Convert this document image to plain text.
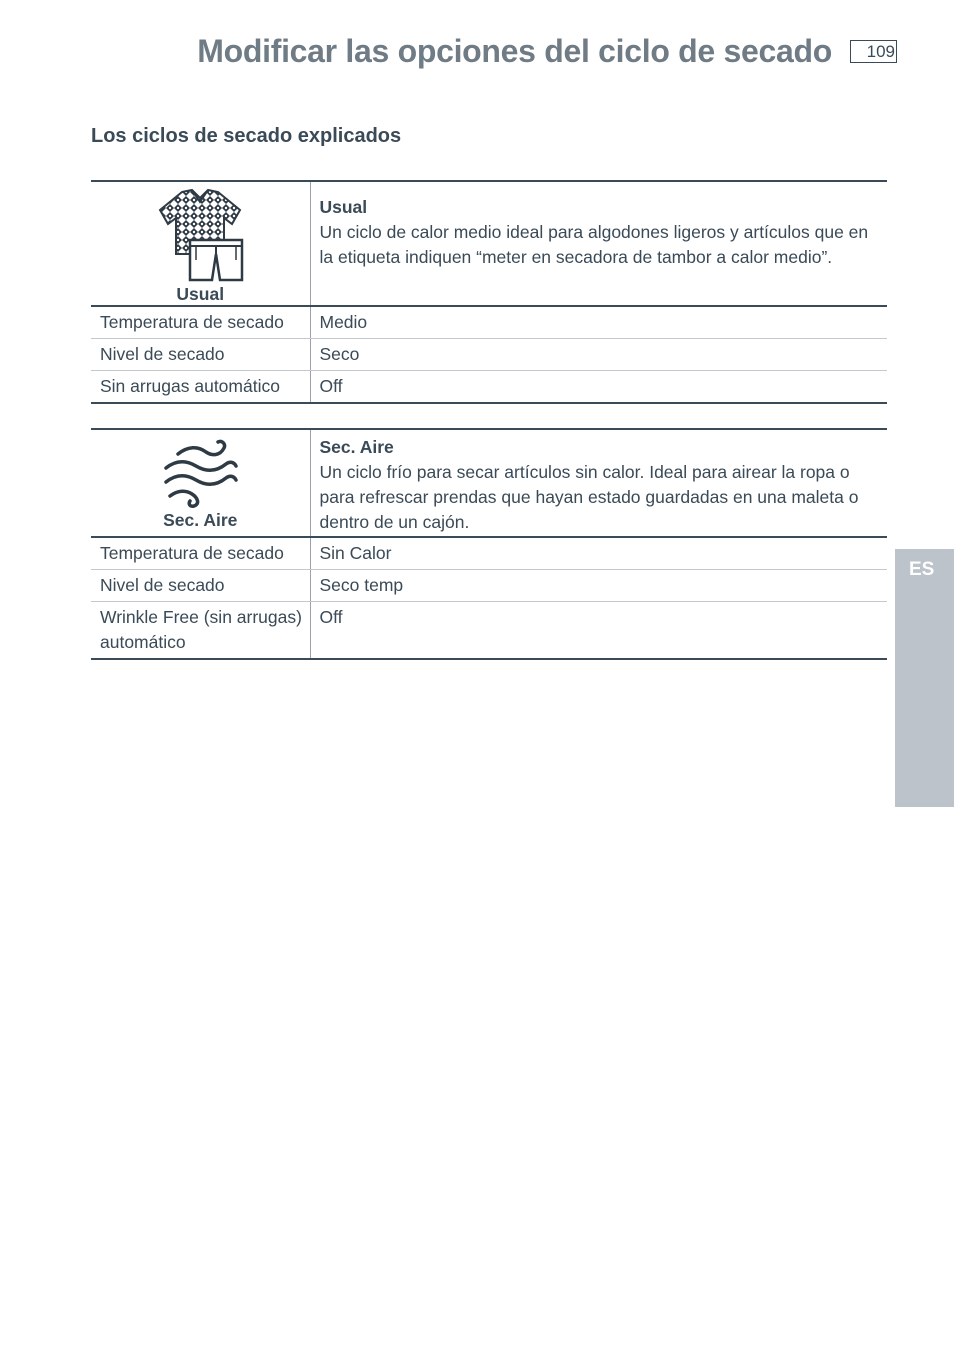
Modificar las opciones del ciclo de secado	109
Los ciclos de secado explicados
Usual	Usual
Un ciclo de calor medio ideal para algodones ligeros y artículos que en la etiqueta indiquen “meter en secadora de tambor a calor medio”.

Temperatura de secado	Medio
Nivel de secado	Seco
Sin arrugas automático	Off
Sec. Aire	Sec. Aire
Un ciclo frío para secar artículos sin calor. Ideal para airear la ropa o para refrescar prendas que hayan estado guardadas en una maleta o dentro de un cajón.

Temperatura de secado	Sin Calor
Nivel de secado	Seco temp
Wrinkle Free (sin arrugas) automático	Off
ES
